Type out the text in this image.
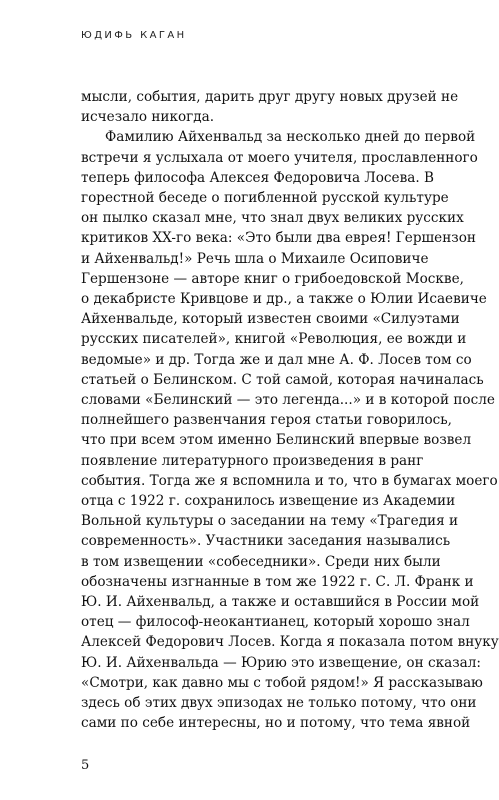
ЮДИФЬ КАГАН
мысли, события, дарить друг другу новых друзей не
исчезало никогда.
Фамилию Айхенвальд за несколько дней до первой
встречи я услыхала от моего учителя, прославленного
теперь философа Алексея Федоровича Лосева. В
горестной беседе о погибленной русской культуре
он пылко сказал мне, что знал двух великих русских
критиков XX-го века: «Это были два еврея! Гершензон
и Айхенвальд!» Речь шла о Михаиле Осиповиче
Гершензоне — авторе книг о грибоедовской Москве,
о декабристе Кривцове и др., а также о Юлии Исаевиче
Айхенвальде, который известен своими «Силуэтами
русских писателей», книгой «Революция, ее вожди и
ведомые» и др. Тогда же и дал мне А. Ф. Лосев том со
статьей о Белинском. С той самой, которая начиналась
словами «Белинский — это легенда...» и в которой после
полнейшего развенчания героя статьи говорилось,
что при всем этом именно Белинский впервые возвел
появление литературного произведения в ранг
события. Тогда же я вспомнила и то, что в бумагах моего
отца с 1922 г. сохранилось извещение из Академии
Вольной культуры о заседании на тему «Трагедия и
современность». Участники заседания назывались
в том извещении «собеседники». Среди них были
обозначены изгнанные в том же 1922 г. С. Л. Франк и
Ю. И. Айхенвальд, а также и оставшийся в России мой
отец — философ-неокантианец, который хорошо знал
Алексей Федорович Лосев. Когда я показала потом внуку
Ю. И. Айхенвальда — Юрию это извещение, он сказал:
«Смотри, как давно мы с тобой рядом!» Я рассказываю
здесь об этих двух эпизодах не только потому, что они
сами по себе интересны, но и потому, что тема явной
5
